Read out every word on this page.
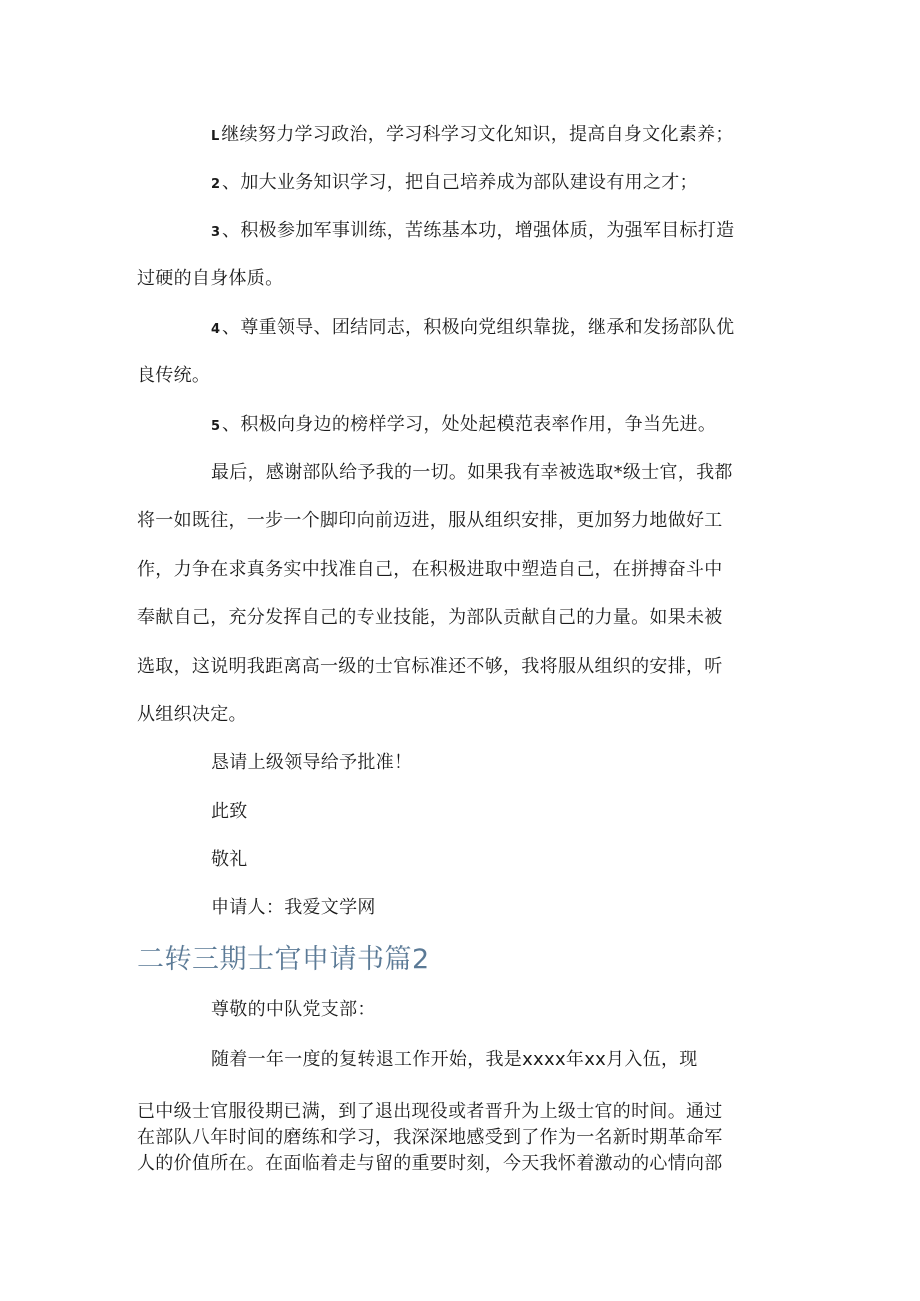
L 继续努力学习政治，学习科学习文化知识，提高自身文化素养；
2 、加大业务知识学习，把自己培养成为部队建设有用之才；
3 、积极参加军事训练，苦练基本功，增强体质，为强军目标打造
过硬的自身体质。
4 、尊重领导、团结同志，积极向党组织靠拢，继承和发扬部队优
良传统。
5 、积极向身边的榜样学习，处处起模范表率作用，争当先进。
最后，感谢部队给予我的一切。如果我有幸被选取*级士官，我都
将一如既往，一步一个脚印向前迈进，服从组织安排，更加努力地做好工
作，力争在求真务实中找准自己，在积极进取中塑造自己，在拼搏奋斗中
奉献自己，充分发挥自己的专业技能，为部队贡献自己的力量。如果未被
选取，这说明我距离高一级的士官标准还不够，我将服从组织的安排，听
从组织决定。
恳请上级领导给予批准！
此致
敬礼
申请人：我爱文学网
二转三期士官申请书篇2
尊敬的中队党支部：
随着一年一度的复转退工作开始，我是xxxx年xx月入伍，现
已中级士官服役期已满，到了退出现役或者晋升为上级士官的时间。通过
在部队八年时间的磨练和学习，我深深地感受到了作为一名新时期革命军
人的价值所在。在面临着走与留的重要时刻，今天我怀着激动的心情向部
